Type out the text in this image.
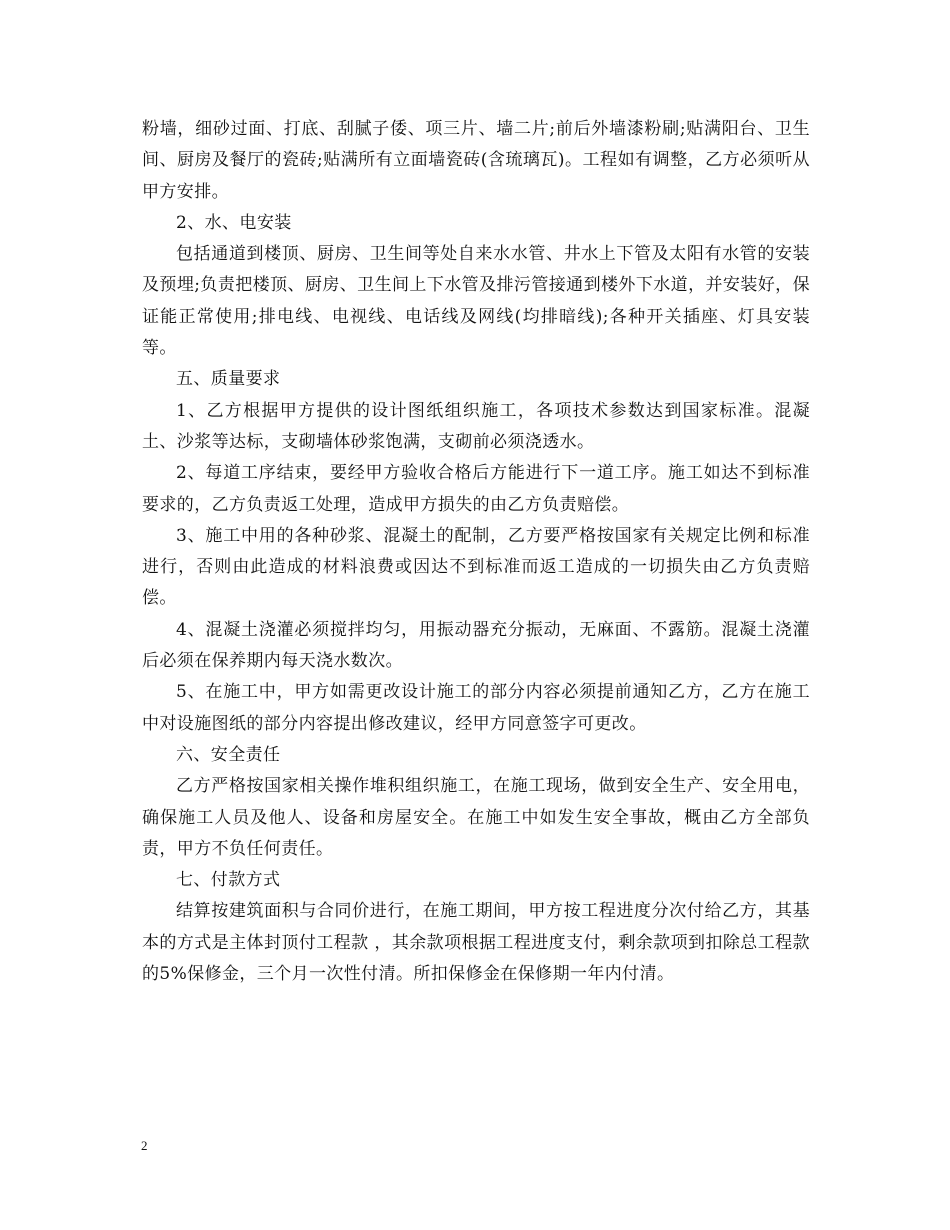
粉墙，细砂过面、打底、刮腻子倭、项三片、墙二片;前后外墙漆粉刷;贴满阳台、卫生间、厨房及餐厅的瓷砖;贴满所有立面墙瓷砖(含琉璃瓦)。工程如有调整，乙方必须听从甲方安排。

2、水、电安装

包括通道到楼顶、厨房、卫生间等处自来水水管、井水上下管及太阳有水管的安装及预埋;负责把楼顶、厨房、卫生间上下水管及排污管接通到楼外下水道，并安装好，保证能正常使用;排电线、电视线、电话线及网线(均排暗线);各种开关插座、灯具安装等。

五、质量要求

1、乙方根据甲方提供的设计图纸组织施工，各项技术参数达到国家标准。混凝土、沙浆等达标，支砌墙体砂浆饱满，支砌前必须浇透水。

2、每道工序结束，要经甲方验收合格后方能进行下一道工序。施工如达不到标准要求的，乙方负责返工处理，造成甲方损失的由乙方负责赔偿。

3、施工中用的各种砂浆、混凝土的配制，乙方要严格按国家有关规定比例和标准进行，否则由此造成的材料浪费或因达不到标准而返工造成的一切损失由乙方负责赔偿。

4、混凝土浇灌必须搅拌均匀，用振动器充分振动，无麻面、不露筋。混凝土浇灌后必须在保养期内每天浇水数次。

5、在施工中，甲方如需更改设计施工的部分内容必须提前通知乙方，乙方在施工中对设施图纸的部分内容提出修改建议，经甲方同意签字可更改。

六、安全责任

乙方严格按国家相关操作堆积组织施工，在施工现场，做到安全生产、安全用电，确保施工人员及他人、设备和房屋安全。在施工中如发生安全事故，概由乙方全部负责，甲方不负任何责任。

七、付款方式

结算按建筑面积与合同价进行，在施工期间，甲方按工程进度分次付给乙方，其基本的方式是主体封顶付工程款 ，其余款项根据工程进度支付，剩余款项到扣除总工程款的5%保修金，三个月一次性付清。所扣保修金在保修期一年内付清。

2
